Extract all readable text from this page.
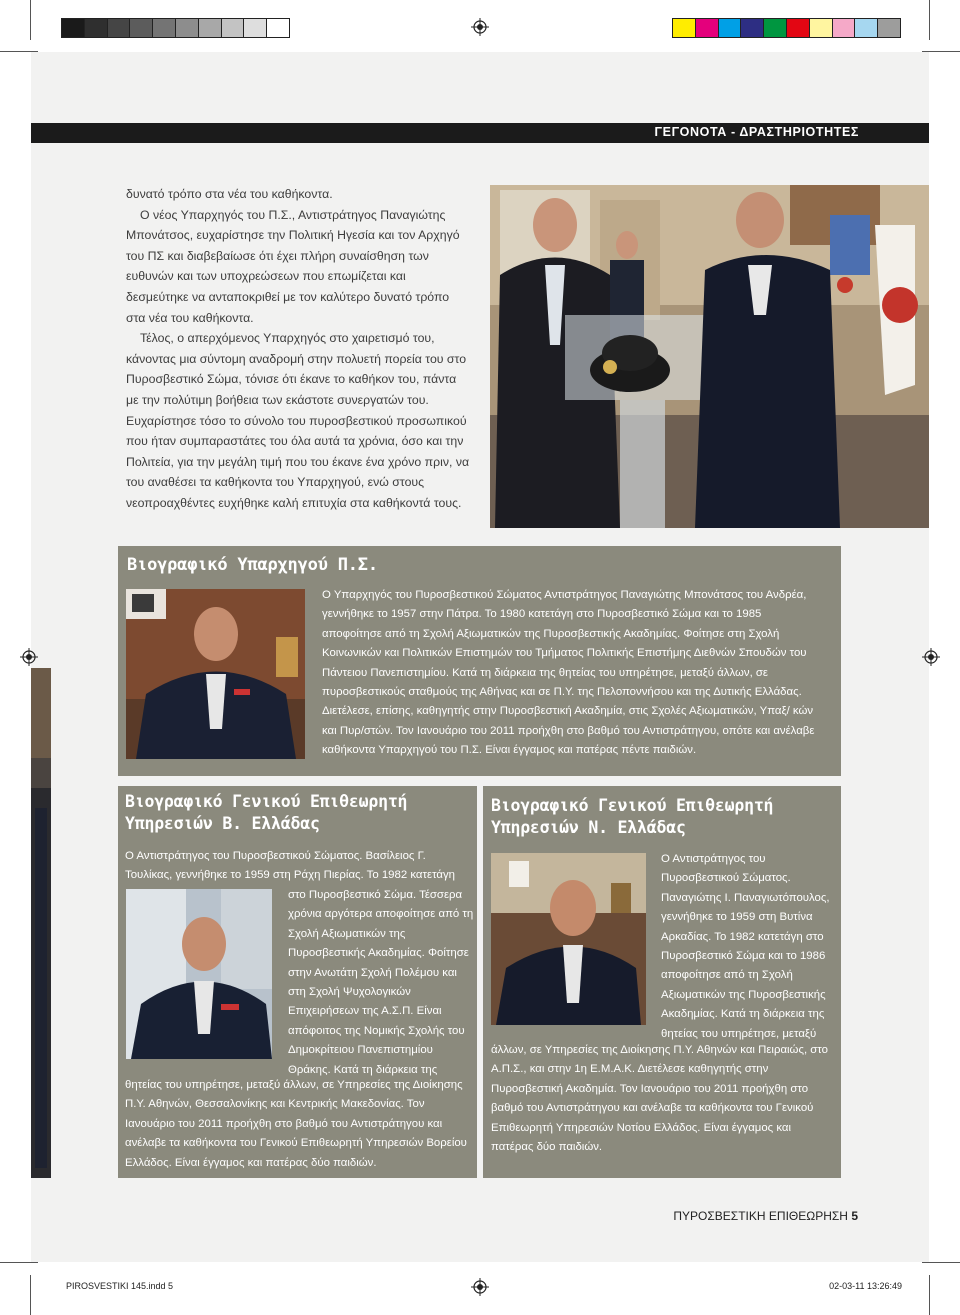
ΓΕΓΟΝΟΤΑ - ΔΡΑΣΤΗΡΙΟΤΗΤΕΣ

δυνατό τρόπο στα νέα του καθήκοντα.

Ο νέος Υπαρχηγός του Π.Σ., Αντιστράτηγος Παναγιώτης Μπονάτσος, ευχαρίστησε την Πολιτική Ηγεσία και τον Αρχηγό του ΠΣ και διαβεβαίωσε ότι έχει πλήρη συναίσθηση των ευθυνών και των υποχρεώσεων που επωμίζεται και δεσμεύτηκε να ανταποκριθεί με τον καλύτερο δυνατό τρόπο στα νέα του καθήκοντα.

Τέλος, ο απερχόμενος Υπαρχηγός στο χαιρετισμό του, κάνοντας μια σύντομη αναδρομή στην πολυετή πορεία του στο Πυροσβεστικό Σώμα, τόνισε ότι έκανε το καθήκον του, πάντα με την πολύτιμη βοήθεια των εκάστοτε συνεργατών του. Ευχαρίστησε τόσο το σύνολο του πυροσβεστικού προσωπικού που ήταν συμπαραστάτες του όλα αυτά τα χρόνια, όσο και την Πολιτεία, για την μεγάλη τιμή που του έκανε ένα χρόνο πριν, να του αναθέσει τα καθήκοντα του Υπαρχηγού, ενώ στους νεοπροαχθέντες ευχήθηκε καλή επιτυχία στα καθήκοντά τους.

Βιογραφικό Υπαρχηγού Π.Σ.

Ο Υπαρχηγός του Πυροσβεστικού Σώματος Αντιστράτηγος Παναγιώτης Μπονάτσος του Ανδρέα, γεννήθηκε το 1957 στην Πάτρα. Το 1980 κατετάγη στο Πυροσβεστικό Σώμα και το 1985 αποφοίτησε από τη Σχολή Αξιωματικών της Πυροσβεστικής Ακαδημίας. Φοίτησε στη Σχολή Κοινωνικών και Πολιτικών Επιστημών του Τμήματος Πολιτικής Επιστήμης Διεθνών Σπουδών του Πάντειου Πανεπιστημίου. Κατά τη διάρκεια της θητείας του υπηρέτησε, μεταξύ άλλων, σε πυροσβεστικούς σταθμούς της Αθήνας και σε Π.Υ. της Πελοποννήσου και της Δυτικής Ελλάδας. Διετέλεσε, επίσης, καθηγητής στην Πυροσβεστική Ακαδημία, στις Σχολές Αξιωματικών, Υπαξ/ κών και Πυρ/στών. Τον Ιανουάριο του 2011 προήχθη στο βαθμό του Αντιστράτηγου, οπότε και ανέλαβε καθήκοντα Υπαρχηγού του Π.Σ. Είναι έγγαμος και πατέρας πέντε παιδιών.

Βιογραφικό Γενικού Επιθεωρητή Υπηρεσιών Β. Ελλάδας

Ο Αντιστράτηγος του Πυροσβεστικού Σώματος. Βασίλειος Γ. Τουλίκας, γεννήθηκε το 1959 στη Ράχη Πιερίας. Το 1982 κατετάγη

στο Πυροσβεστικό Σώμα. Τέσσερα χρόνια αργότερα αποφοίτησε από τη Σχολή Αξιωματικών της Πυροσβεστικής Ακαδημίας. Φοίτησε στην Ανωτάτη Σχολή Πολέμου και στη Σχολή Ψυχολογικών Επιχειρήσεων της Α.Σ.Π. Είναι απόφοιτος της Νομικής Σχολής του Δημοκρίτειου Πανεπιστημίου Θράκης. Κατά τη διάρκεια της

θητείας του υπηρέτησε, μεταξύ άλλων, σε Υπηρεσίες της Διοίκησης Π.Υ. Αθηνών, Θεσσαλονίκης και Κεντρικής Μακεδονίας. Τον Ιανουάριο του 2011 προήχθη στο βαθμό του Αντιστράτηγου και ανέλαβε τα καθήκοντα του Γενικού Επιθεωρητή Υπηρεσιών Βορείου Ελλάδος. Είναι έγγαμος και πατέρας δύο παιδιών.

Βιογραφικό Γενικού Επιθεωρητή Υπηρεσιών Ν. Ελλάδας

Ο Αντιστράτηγος του Πυροσβεστικού Σώματος. Παναγιώτης Ι. Παναγιωτόπουλος, γεννήθηκε το 1959 στη Βυτίνα Αρκαδίας. Το 1982 κατετάγη στο Πυροσβεστικό Σώμα και το 1986 αποφοίτησε από τη Σχολή Αξιωματικών της Πυροσβεστικής Ακαδημίας. Κατά τη διάρκεια της θητείας του υπηρέτησε, μεταξύ

άλλων, σε Υπηρεσίες της Διοίκησης Π.Υ. Αθηνών και Πειραιώς, στο Α.Π.Σ., και στην 1η Ε.Μ.Α.Κ. Διετέλεσε καθηγητής στην Πυροσβεστική Ακαδημία. Τον Ιανουάριο του 2011 προήχθη στο βαθμό του Αντιστράτηγου και ανέλαβε τα καθήκοντα του Γενικού Επιθεωρητή Υπηρεσιών Νοτίου Ελλάδος. Είναι έγγαμος και πατέρας δύο παιδιών.

ΠΥΡΟΣΒΕΣΤΙΚΗ ΕΠΙΘΕΩΡΗΣΗ 5
PIROSVESTIKI 145.indd 5	02-03-11 13:26:49
